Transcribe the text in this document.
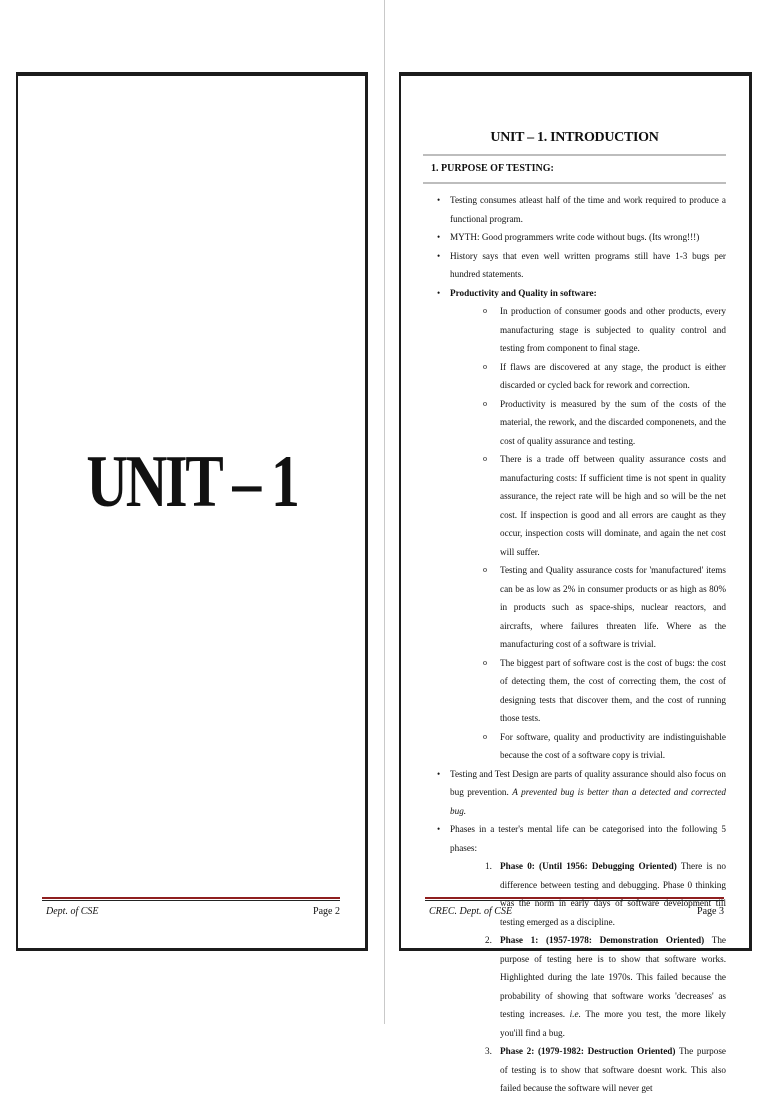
UNIT – 1
Dept. of CSE	Page 2
UNIT – 1. INTRODUCTION
1. PURPOSE OF TESTING:
• Testing consumes atleast half of the time and work required to produce a functional program.
• MYTH: Good programmers write code without bugs. (Its wrong!!!)
• History says that even well written programs still have 1-3 bugs per hundred statements.
• Productivity and Quality in software:
o In production of consumer goods and other products, every manufacturing stage is subjected to quality control and testing from component to final stage.
o If flaws are discovered at any stage, the product is either discarded or cycled back for rework and correction.
o Productivity is measured by the sum of the costs of the material, the rework, and the discarded componenets, and the cost of quality assurance and testing.
o There is a trade off between quality assurance costs and manufacturing costs: If sufficient time is not spent in quality assurance, the reject rate will be high and so will be the net cost. If inspection is good and all errors are caught as they occur, inspection costs will dominate, and again the net cost will suffer.
o Testing and Quality assurance costs for 'manufactured' items can be as low as 2% in consumer products or as high as 80% in products such as space-ships, nuclear reactors, and aircrafts, where failures threaten life. Where as the manufacturing cost of a software is trivial.
o The biggest part of software cost is the cost of bugs: the cost of detecting them, the cost of correcting them, the cost of designing tests that discover them, and the cost of running those tests.
o For software, quality and productivity are indistinguishable because the cost of a software copy is trivial.
• Testing and Test Design are parts of quality assurance should also focus on bug prevention. A prevented bug is better than a detected and corrected bug.
• Phases in a tester's mental life can be categorised into the following 5 phases:
1. Phase 0: (Until 1956: Debugging Oriented) There is no difference between testing and debugging. Phase 0 thinking was the norm in early days of software development till testing emerged as a discipline.
2. Phase 1: (1957-1978: Demonstration Oriented) The purpose of testing here is to show that software works. Highlighted during the late 1970s. This failed because the probability of showing that software works 'decreases' as testing increases. i.e. The more you test, the more likely you'ill find a bug.
3. Phase 2: (1979-1982: Destruction Oriented) The purpose of testing is to show that software doesnt work. This also failed because the software will never get
CREC. Dept. of CSE	Page 3
